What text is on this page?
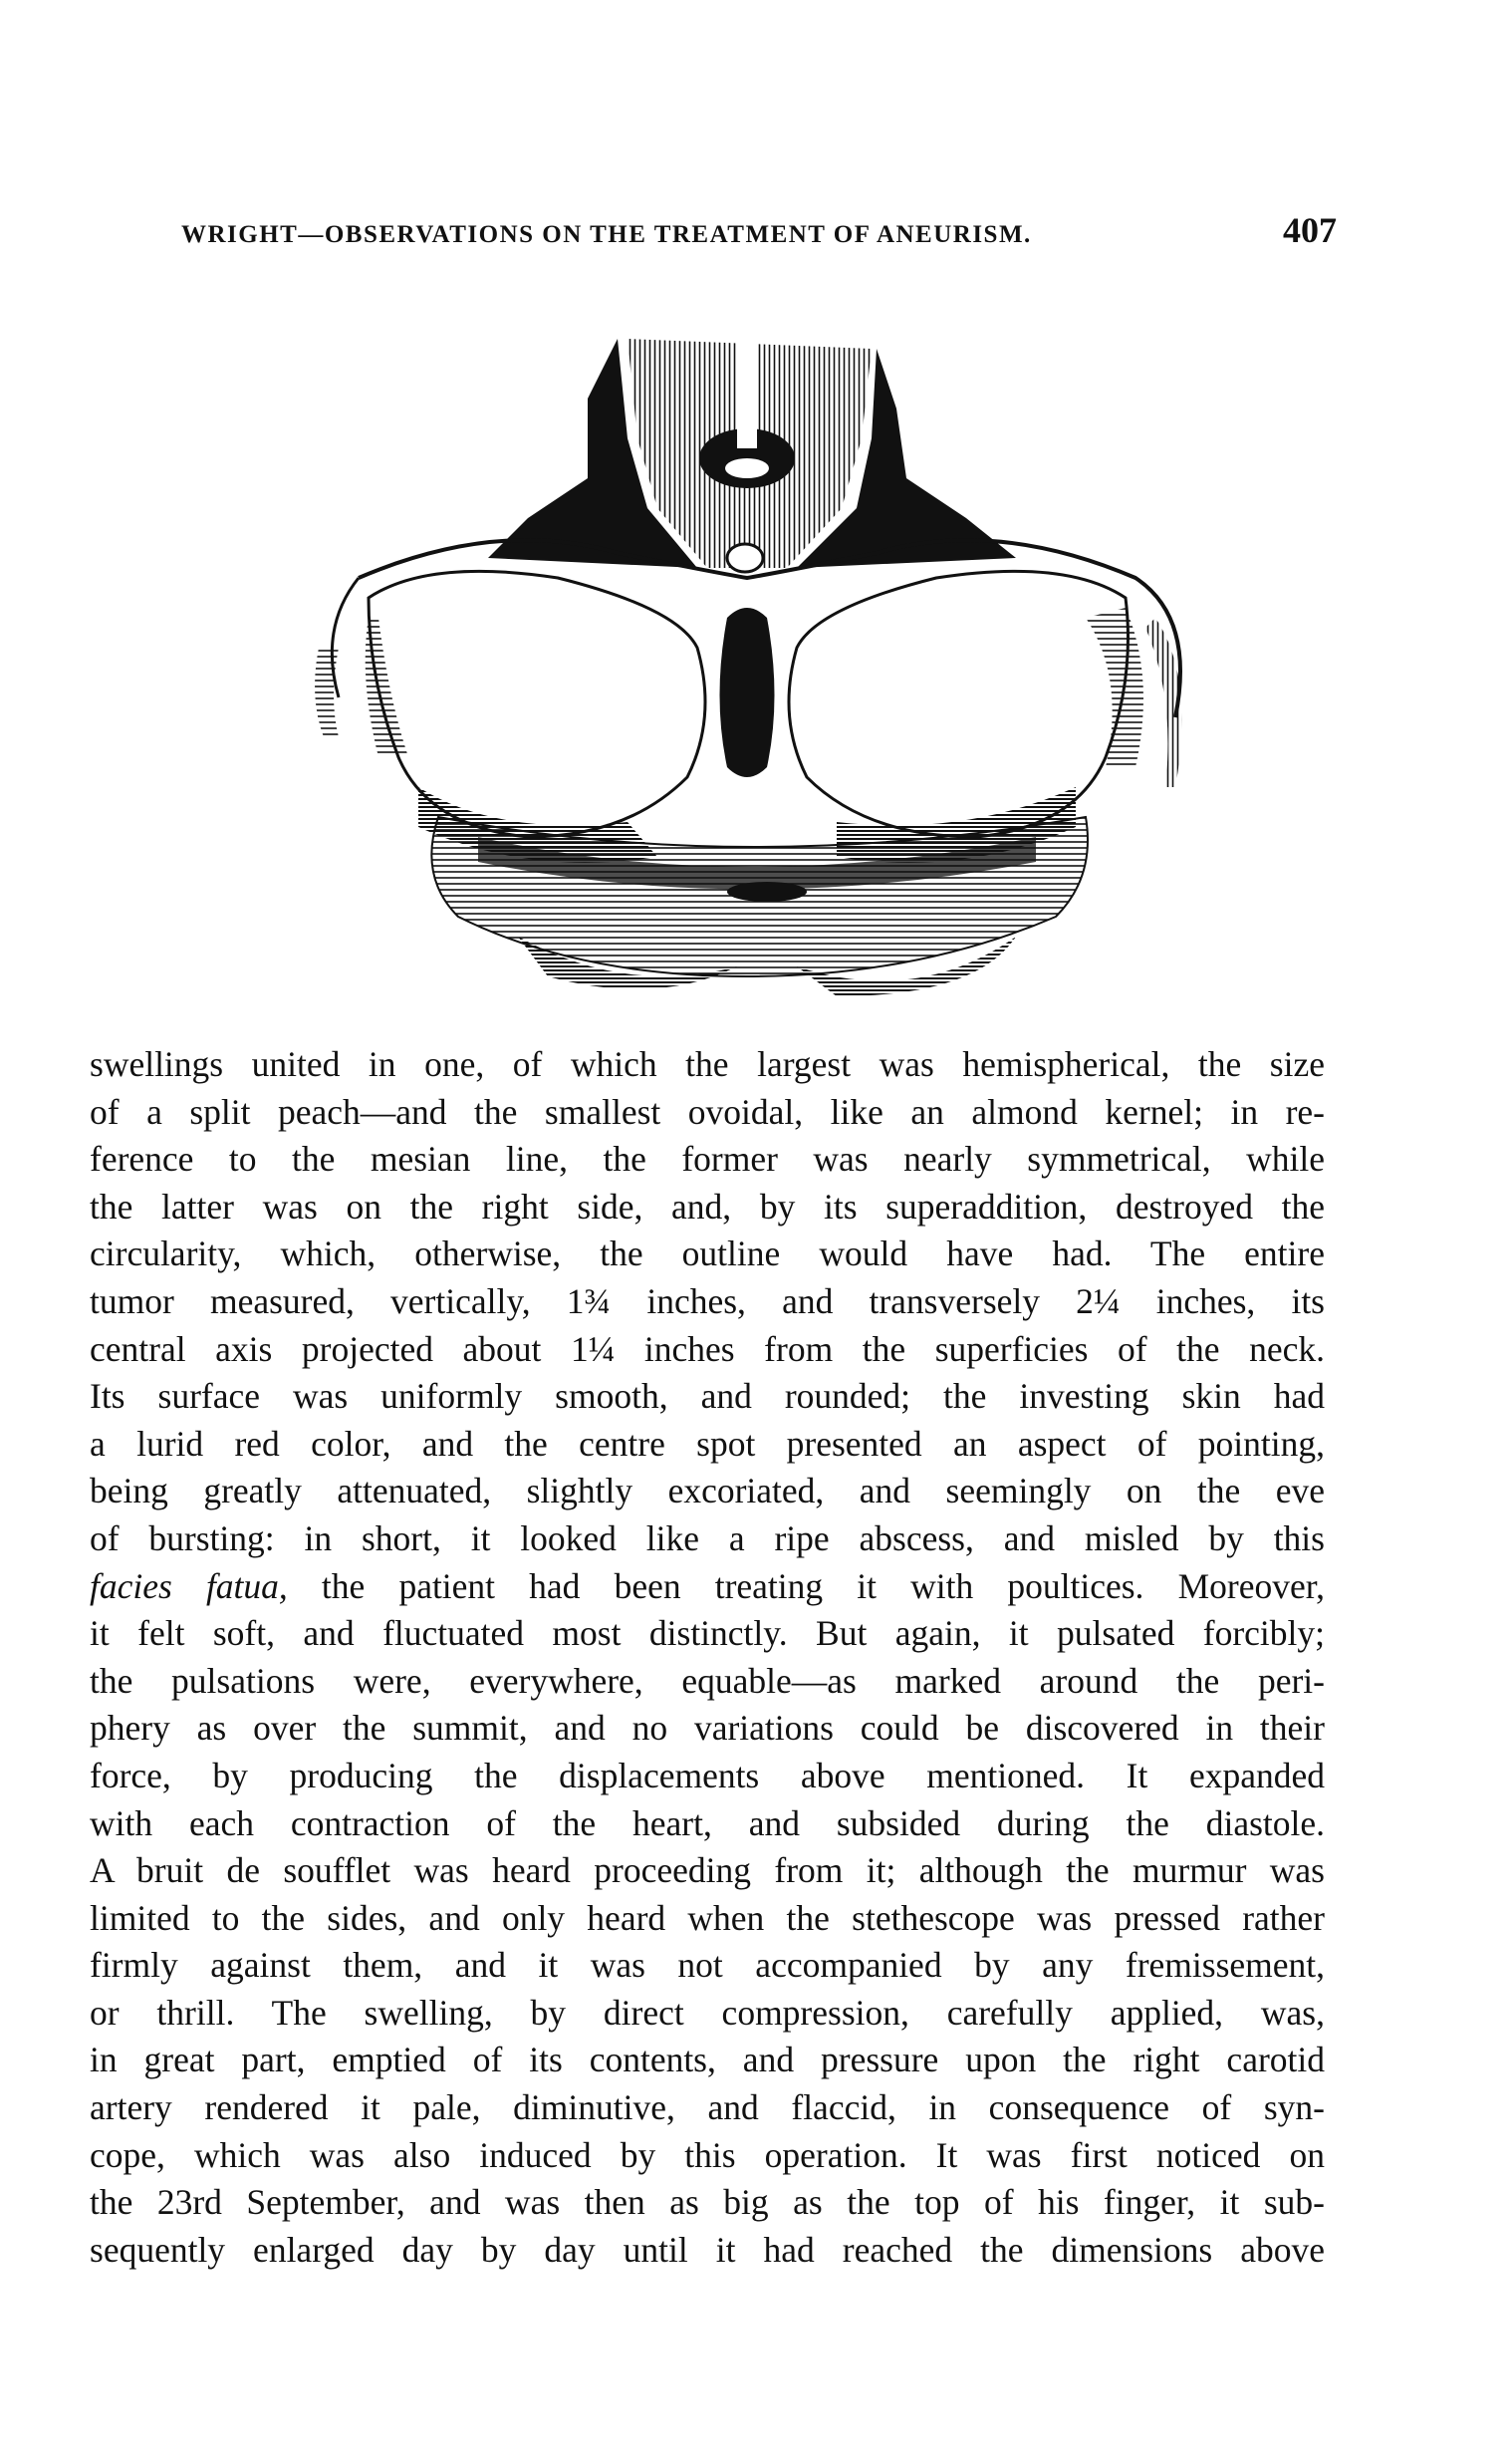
WRIGHT—OBSERVATIONS ON THE TREATMENT OF ANEURISM.	407
swellings united in one, of which the largest was hemispherical, the size
of a split peach—and the smallest ovoidal, like an almond kernel; in re-
ference to the mesian line, the former was nearly symmetrical, while
the latter was on the right side, and, by its superaddition, destroyed the
circularity, which, otherwise, the outline would have had. The entire
tumor measured, vertically, 1¾ inches, and transversely 2¼ inches, its
central axis projected about 1¼ inches from the superficies of the neck.
Its surface was uniformly smooth, and rounded; the investing skin had
a lurid red color, and the centre spot presented an aspect of pointing,
being greatly attenuated, slightly excoriated, and seemingly on the eve
of bursting: in short, it looked like a ripe abscess, and misled by this
facies fatua, the patient had been treating it with poultices. Moreover,
it felt soft, and fluctuated most distinctly. But again, it pulsated forcibly;
the pulsations were, everywhere, equable—as marked around the peri-
phery as over the summit, and no variations could be discovered in their
force, by producing the displacements above mentioned. It expanded
with each contraction of the heart, and subsided during the diastole.
A bruit de soufflet was heard proceeding from it; although the murmur was
limited to the sides, and only heard when the stethescope was pressed rather
firmly against them, and it was not accompanied by any fremissement,
or thrill. The swelling, by direct compression, carefully applied, was,
in great part, emptied of its contents, and pressure upon the right carotid
artery rendered it pale, diminutive, and flaccid, in consequence of syn-
cope, which was also induced by this operation. It was first noticed on
the 23rd September, and was then as big as the top of his finger, it sub-
sequently enlarged day by day until it had reached the dimensions above
